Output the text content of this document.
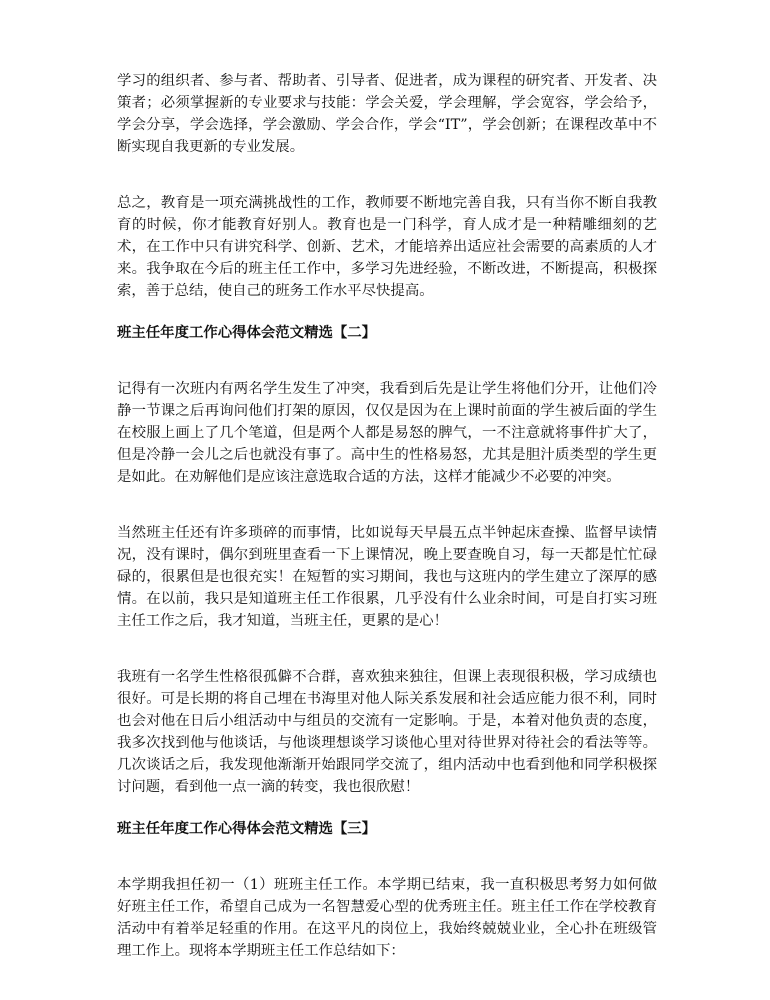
学习的组织者、参与者、帮助者、引导者、促进者，成为课程的研究者、开发者、决策者；必须掌握新的专业要求与技能：学会关爱，学会理解，学会宽容，学会给予，学会分享，学会选择，学会激励、学会合作，学会“IT”，学会创新；在课程改革中不断实现自我更新的专业发展。

总之，教育是一项充满挑战性的工作，教师要不断地完善自我，只有当你不断自我教育的时候，你才能教育好别人。教育也是一门科学，育人成才是一种精雕细刻的艺术，在工作中只有讲究科学、创新、艺术，才能培养出适应社会需要的高素质的人才来。我争取在今后的班主任工作中，多学习先进经验，不断改进，不断提高，积极探索，善于总结，使自己的班务工作水平尽快提高。

班主任年度工作心得体会范文精选【二】

记得有一次班内有两名学生发生了冲突，我看到后先是让学生将他们分开，让他们冷静一节课之后再询问他们打架的原因，仅仅是因为在上课时前面的学生被后面的学生在校服上画上了几个笔道，但是两个人都是易怒的脾气，一不注意就将事件扩大了，但是冷静一会儿之后也就没有事了。高中生的性格易怒，尤其是胆汁质类型的学生更是如此。在劝解他们是应该注意选取合适的方法，这样才能减少不必要的冲突。

当然班主任还有许多琐碎的而事情，比如说每天早晨五点半钟起床查操、监督早读情况，没有课时，偶尔到班里查看一下上课情况，晚上要查晚自习，每一天都是忙忙碌碌的，很累但是也很充实！在短暂的实习期间，我也与这班内的学生建立了深厚的感情。在以前，我只是知道班主任工作很累，几乎没有什么业余时间，可是自打实习班主任工作之后，我才知道，当班主任，更累的是心！

我班有一名学生性格很孤僻不合群，喜欢独来独往，但课上表现很积极，学习成绩也很好。可是长期的将自己埋在书海里对他人际关系发展和社会适应能力很不利，同时也会对他在日后小组活动中与组员的交流有一定影响。于是，本着对他负责的态度，我多次找到他与他谈话，与他谈理想谈学习谈他心里对待世界对待社会的看法等等。几次谈话之后，我发现他渐渐开始跟同学交流了，组内活动中也看到他和同学积极探讨问题，看到他一点一滴的转变，我也很欣慰！

班主任年度工作心得体会范文精选【三】

本学期我担任初一（1）班班主任工作。本学期已结束，我一直积极思考努力如何做好班主任工作，希望自己成为一名智慧爱心型的优秀班主任。班主任工作在学校教育活动中有着举足轻重的作用。在这平凡的岗位上，我始终兢兢业业，全心扑在班级管理工作上。现将本学期班主任工作总结如下：
